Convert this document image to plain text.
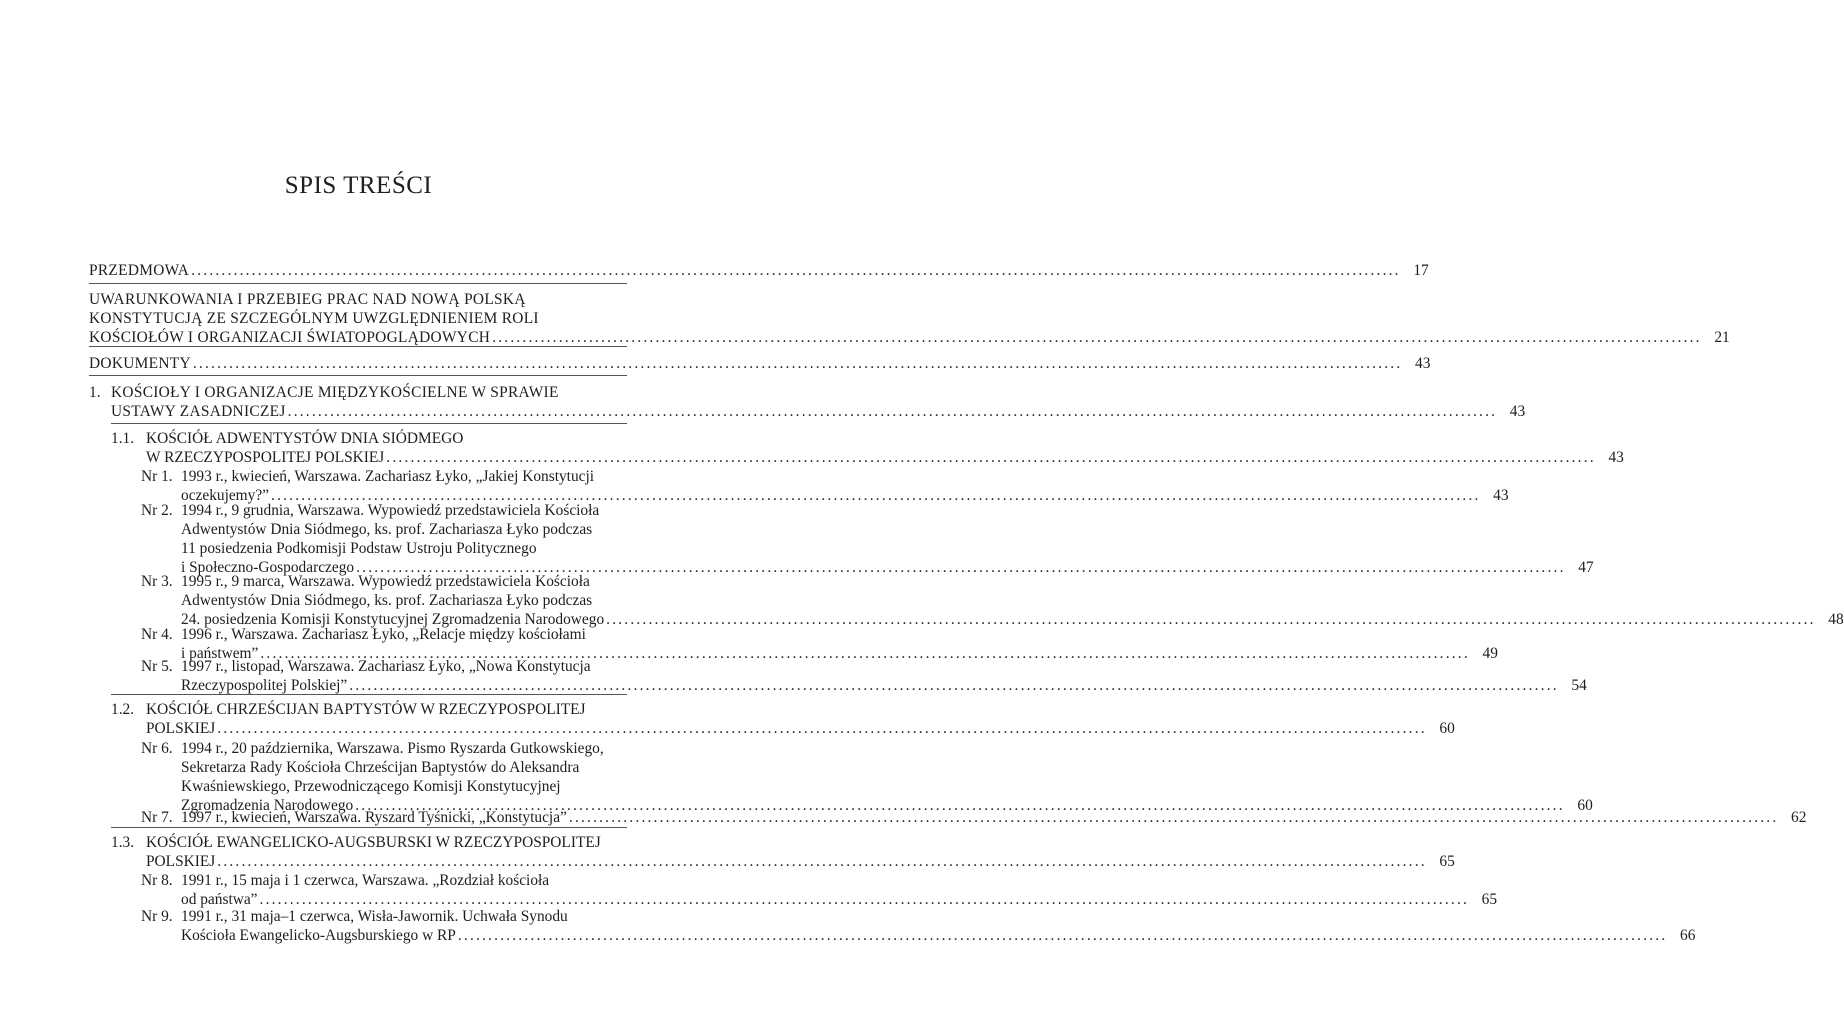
SPIS TREŚCI
PRZEDMOWA ........................................................................................................................................................................................................ 17
UWARUNKOWANIA I PRZEBIEG PRAC NAD NOWĄ POLSKĄ
KONSTYTUCJĄ ZE SZCZEGÓLNYM UWZGLĘDNIENIEM ROLI
KOŚCIOŁÓW I ORGANIZACJI ŚWIATOPOGLĄDOWYCH ........................................................................................................................................................................................................ 21
DOKUMENTY ........................................................................................................................................................................................................ 43
1. KOŚCIOŁY I ORGANIZACJE MIĘDZYKOŚCIELNE W SPRAWIE
USTAWY ZASADNICZEJ ........................................................................................................................................................................................................ 43
1.1. KOŚCIÓŁ ADWENTYSTÓW DNIA SIÓDMEGO
W RZECZYPOSPOLITEJ POLSKIEJ ........................................................................................................................................................................................................ 43
Nr 1. 1993 r., kwiecień, Warszawa. Zachariasz Łyko, „Jakiej Konstytucji
oczekujemy?” ........................................................................................................................................................................................................ 43
Nr 2. 1994 r., 9 grudnia, Warszawa. Wypowiedź przedstawiciela Kościoła
Adwentystów Dnia Siódmego, ks. prof. Zachariasza Łyko podczas
11 posiedzenia Podkomisji Podstaw Ustroju Politycznego
i Społeczno-Gospodarczego ........................................................................................................................................................................................................ 47
Nr 3. 1995 r., 9 marca, Warszawa. Wypowiedź przedstawiciela Kościoła
Adwentystów Dnia Siódmego, ks. prof. Zachariasza Łyko podczas
24. posiedzenia Komisji Konstytucyjnej Zgromadzenia Narodowego ........................................................................................................................................................................................................ 48
Nr 4. 1996 r., Warszawa. Zachariasz Łyko, „Relacje między kościołami
i państwem” ........................................................................................................................................................................................................ 49
Nr 5. 1997 r., listopad, Warszawa. Zachariasz Łyko, „Nowa Konstytucja
Rzeczypospolitej Polskiej” ........................................................................................................................................................................................................ 54
1.2. KOŚCIÓŁ CHRZEŚCIJAN BAPTYSTÓW W RZECZYPOSPOLITEJ
POLSKIEJ ........................................................................................................................................................................................................ 60
Nr 6. 1994 r., 20 października, Warszawa. Pismo Ryszarda Gutkowskiego,
Sekretarza Rady Kościoła Chrześcijan Baptystów do Aleksandra
Kwaśniewskiego, Przewodniczącego Komisji Konstytucyjnej
Zgromadzenia Narodowego ........................................................................................................................................................................................................ 60
Nr 7. 1997 r., kwiecień, Warszawa. Ryszard Tyśnicki, „Konstytucja” ........................................................................................................................................................................................................ 62
1.3. KOŚCIÓŁ EWANGELICKO-AUGSBURSKI W RZECZYPOSPOLITEJ
POLSKIEJ ........................................................................................................................................................................................................ 65
Nr 8. 1991 r., 15 maja i 1 czerwca, Warszawa. „Rozdział kościoła
od państwa” ........................................................................................................................................................................................................ 65
Nr 9. 1991 r., 31 maja–1 czerwca, Wisła-Jawornik. Uchwała Synodu
Kościoła Ewangelicko-Augsburskiego w RP ........................................................................................................................................................................................................ 66
